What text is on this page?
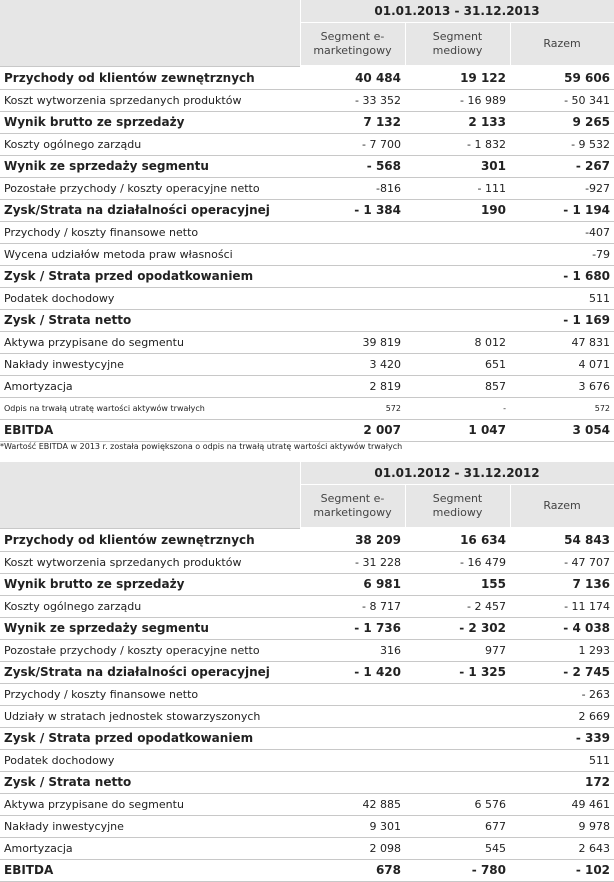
	01.01.2013 - 31.12.2013		
	Segment e-marketingowy	Segment mediowy	Razem
Przychody od klientów zewnętrznych	40 484	19 122	59 606
Koszt wytworzenia sprzedanych produktów	- 33 352	- 16 989	- 50 341
Wynik brutto ze sprzedaży	7 132	2 133	9 265
Koszty ogólnego zarządu	- 7 700	- 1 832	- 9 532
Wynik ze sprzedaży segmentu	- 568	301	- 267
Pozostałe przychody / koszty operacyjne netto	-816	- 111	-927
Zysk/Strata na działalności operacyjnej	- 1 384	190	- 1 194
Przychody / koszty finansowe netto			-407
Wycena udziałów metoda praw własności			-79
Zysk / Strata przed opodatkowaniem			- 1 680
Podatek dochodowy			511
Zysk / Strata netto			- 1 169
Aktywa przypisane do segmentu	39 819	8 012	47 831
Nakłady inwestycyjne	3 420	651	4 071
Amortyzacja	2 819	857	3 676
Odpis na trwałą utratę wartości aktywów trwałych	572	-	572
EBITDA	2 007	1 047	3 054
*Wartość EBITDA w 2013 r. została powiększona o odpis na trwałą utratę wartości aktywów trwałych
	01.01.2012 - 31.12.2012		
	Segment e-marketingowy	Segment mediowy	Razem
Przychody od klientów zewnętrznych	38 209	16 634	54 843
Koszt wytworzenia sprzedanych produktów	- 31 228	- 16 479	- 47 707
Wynik brutto ze sprzedaży	6 981	155	7 136
Koszty ogólnego zarządu	- 8 717	- 2 457	- 11 174
Wynik ze sprzedaży segmentu	- 1 736	- 2 302	- 4 038
Pozostałe przychody / koszty operacyjne netto	316	977	1 293
Zysk/Strata na działalności operacyjnej	- 1 420	- 1 325	- 2 745
Przychody / koszty finansowe netto			- 263
Udziały w stratach jednostek stowarzyszonych			2 669
Zysk / Strata przed opodatkowaniem			- 339
Podatek dochodowy			511
Zysk / Strata netto			172
Aktywa przypisane do segmentu	42 885	6 576	49 461
Nakłady inwestycyjne	9 301	677	9 978
Amortyzacja	2 098	545	2 643
EBITDA	678	- 780	- 102
